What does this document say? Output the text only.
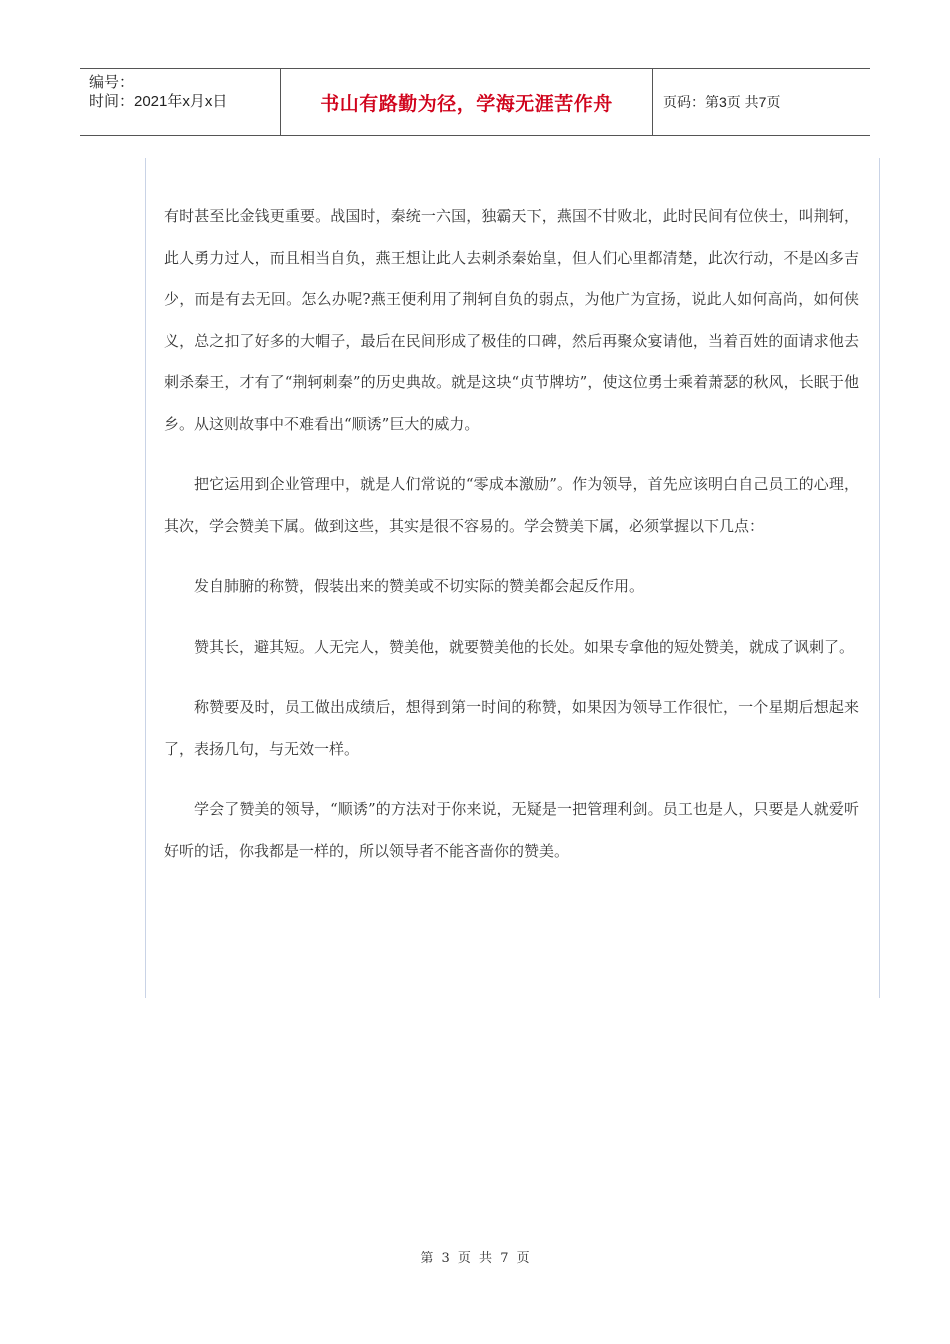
编号：
时间：2021年x月x日	书山有路勤为径，学海无涯苦作舟	页码：第3页 共7页

有时甚至比金钱更重要。战国时，秦统一六国，独霸天下，燕国不甘败北，此时民间有位侠士，叫荆轲，此人勇力过人，而且相当自负，燕王想让此人去刺杀秦始皇，但人们心里都清楚，此次行动，不是凶多吉少，而是有去无回。怎么办呢?燕王便利用了荆轲自负的弱点，为他广为宣扬，说此人如何高尚，如何侠义，总之扣了好多的大帽子，最后在民间形成了极佳的口碑，然后再聚众宴请他，当着百姓的面请求他去刺杀秦王，才有了“荆轲刺秦”的历史典故。就是这块“贞节牌坊”，使这位勇士乘着萧瑟的秋风，长眠于他乡。从这则故事中不难看出“顺诱”巨大的威力。

把它运用到企业管理中，就是人们常说的“零成本激励”。作为领导，首先应该明白自己员工的心理，其次，学会赞美下属。做到这些，其实是很不容易的。学会赞美下属，必须掌握以下几点：

发自肺腑的称赞，假装出来的赞美或不切实际的赞美都会起反作用。

赞其长，避其短。人无完人，赞美他，就要赞美他的长处。如果专拿他的短处赞美，就成了讽刺了。

称赞要及时，员工做出成绩后，想得到第一时间的称赞，如果因为领导工作很忙，一个星期后想起来了，表扬几句，与无效一样。

学会了赞美的领导，“顺诱”的方法对于你来说，无疑是一把管理利剑。员工也是人，只要是人就爱听好听的话，你我都是一样的，所以领导者不能吝啬你的赞美。

第 3 页 共 7 页
